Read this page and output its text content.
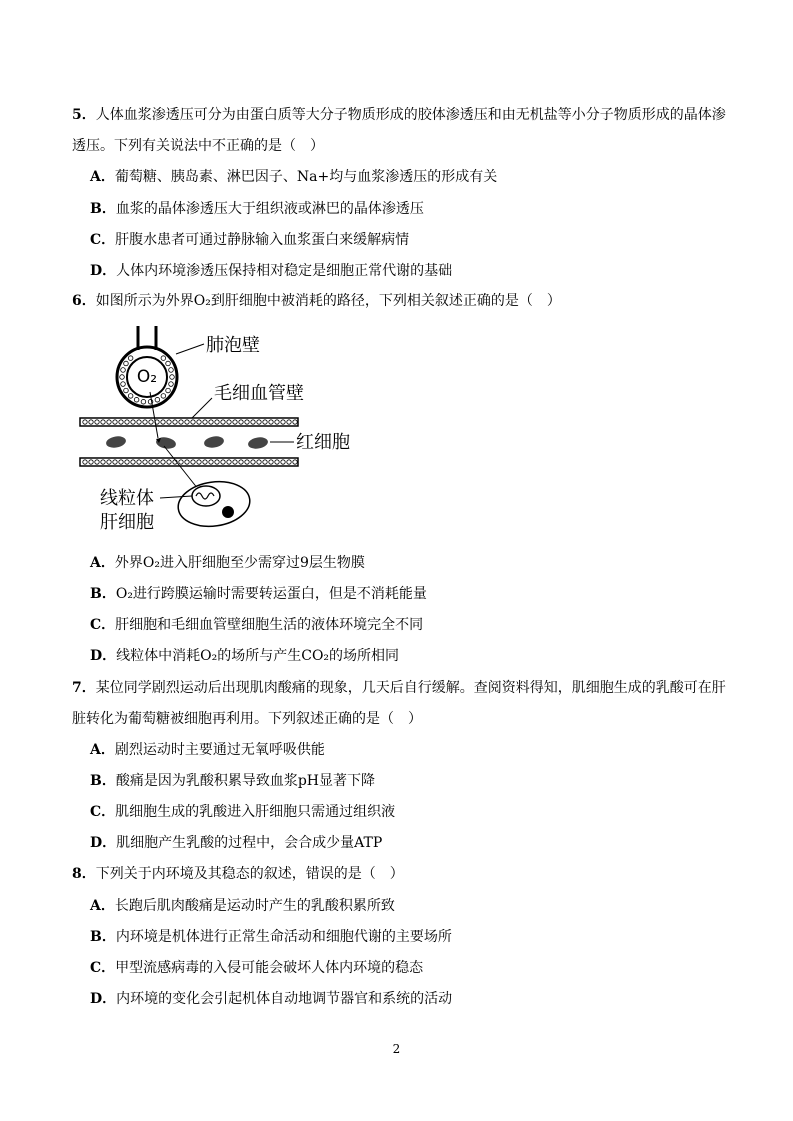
5．人体血浆渗透压可分为由蛋白质等大分子物质形成的胶体渗透压和由无机盐等小分子物质形成的晶体渗
透压。下列有关说法中不正确的是（　）
A．葡萄糖、胰岛素、淋巴因子、Na+均与血浆渗透压的形成有关
B．血浆的晶体渗透压大于组织液或淋巴的晶体渗透压
C．肝腹水患者可通过静脉输入血浆蛋白来缓解病情
D．人体内环境渗透压保持相对稳定是细胞正常代谢的基础
6．如图所示为外界O₂到肝细胞中被消耗的路径，下列相关叙述正确的是（　）
O₂
肺泡壁
毛细血管壁
红细胞
线粒体
肝细胞
A．外界O₂进入肝细胞至少需穿过9层生物膜
B．O₂进行跨膜运输时需要转运蛋白，但是不消耗能量
C．肝细胞和毛细血管壁细胞生活的液体环境完全不同
D．线粒体中消耗O₂的场所与产生CO₂的场所相同
7．某位同学剧烈运动后出现肌肉酸痛的现象，几天后自行缓解。查阅资料得知，肌细胞生成的乳酸可在肝
脏转化为葡萄糖被细胞再利用。下列叙述正确的是（　）
A．剧烈运动时主要通过无氧呼吸供能
B．酸痛是因为乳酸积累导致血浆pH显著下降
C．肌细胞生成的乳酸进入肝细胞只需通过组织液
D．肌细胞产生乳酸的过程中，会合成少量ATP
8．下列关于内环境及其稳态的叙述，错误的是（　）
A．长跑后肌肉酸痛是运动时产生的乳酸积累所致
B．内环境是机体进行正常生命活动和细胞代谢的主要场所
C．甲型流感病毒的入侵可能会破坏人体内环境的稳态
D．内环境的变化会引起机体自动地调节器官和系统的活动
2
